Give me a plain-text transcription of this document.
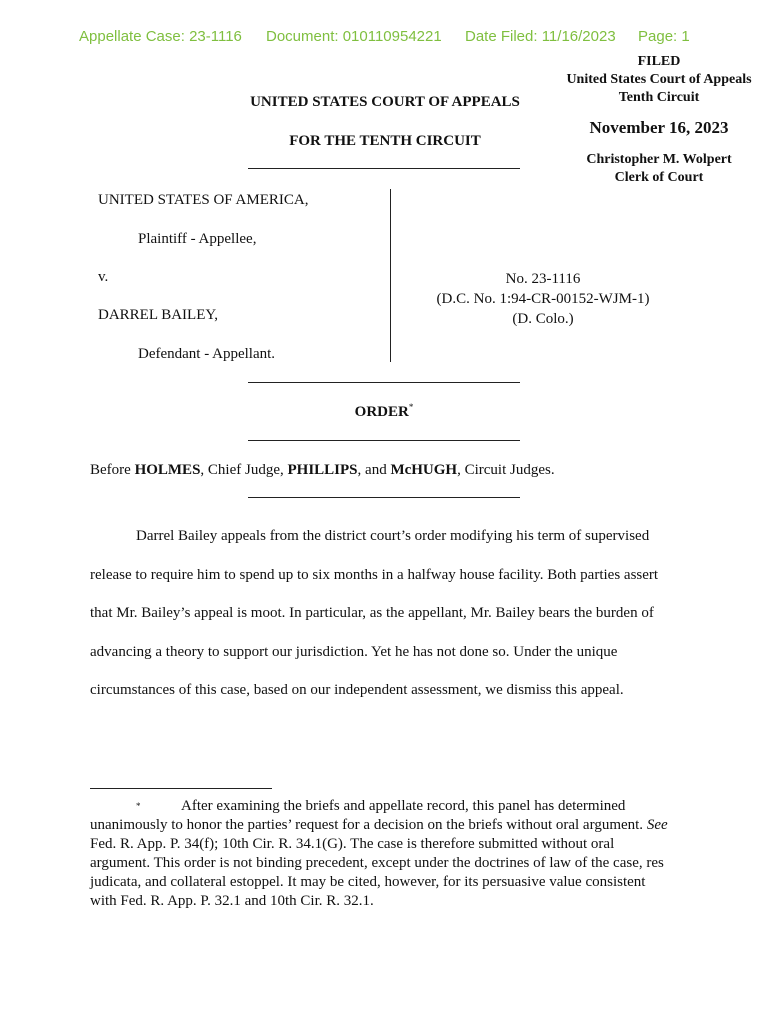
Appellate Case: 23-1116 Document: 010110954221 Date Filed: 11/16/2023 Page: 1
FILED
United States Court of Appeals
Tenth Circuit
November 16, 2023
Christopher M. Wolpert
Clerk of Court
UNITED STATES COURT OF APPEALS
FOR THE TENTH CIRCUIT
UNITED STATES OF AMERICA,
Plaintiff - Appellee,
v.
DARREL BAILEY,
Defendant - Appellant.
No. 23-1116
(D.C. No. 1:94-CR-00152-WJM-1)
(D. Colo.)
ORDER*
Before HOLMES, Chief Judge, PHILLIPS, and McHUGH, Circuit Judges.

Darrel Bailey appeals from the district court’s order modifying his term of supervised release to require him to spend up to six months in a halfway house facility. Both parties assert that Mr. Bailey’s appeal is moot. In particular, as the appellant, Mr. Bailey bears the burden of advancing a theory to support our jurisdiction. Yet he has not done so. Under the unique circumstances of this case, based on our independent assessment, we dismiss this appeal.

*	After examining the briefs and appellate record, this panel has determined unanimously to honor the parties’ request for a decision on the briefs without oral argument. See Fed. R. App. P. 34(f); 10th Cir. R. 34.1(G). The case is therefore submitted without oral argument. This order is not binding precedent, except under the doctrines of law of the case, res judicata, and collateral estoppel. It may be cited, however, for its persuasive value consistent with Fed. R. App. P. 32.1 and 10th Cir. R. 32.1.
